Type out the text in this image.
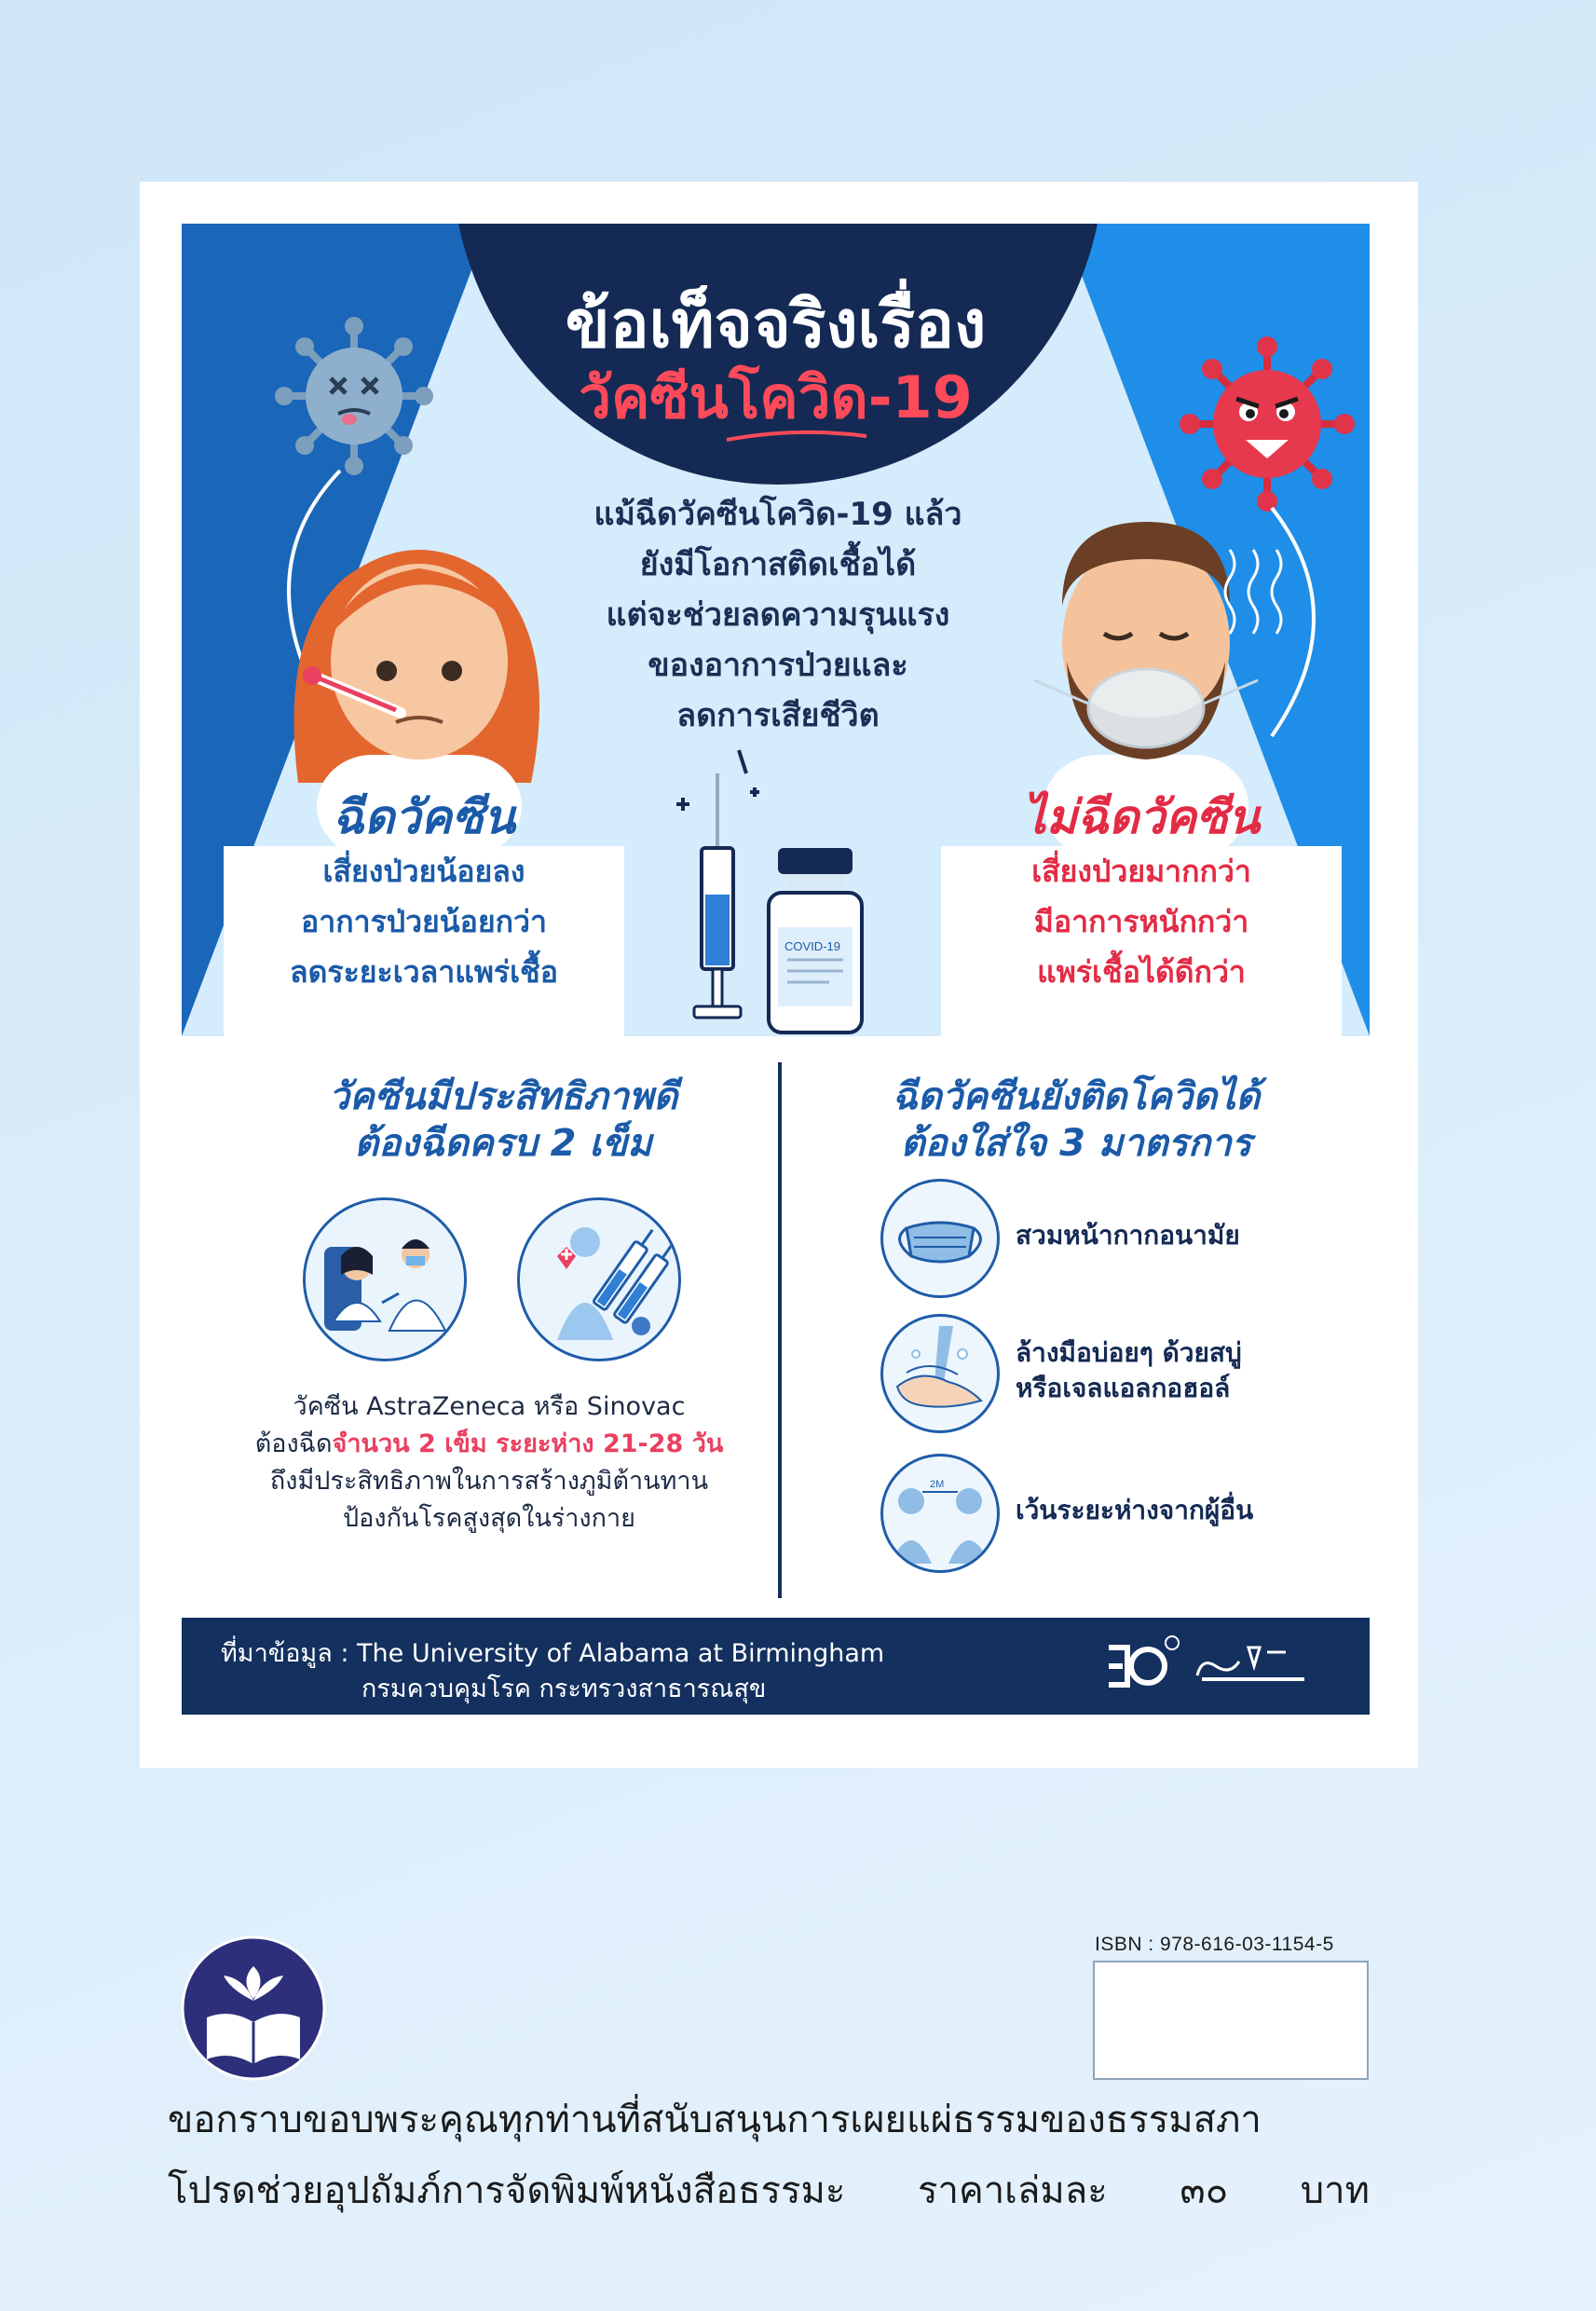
ข้อเท็จจริงเรื่อง
วัคซีนโควิด-19
แม้ฉีดวัคซีนโควิด-19 แล้ว
ยังมีโอกาสติดเชื้อได้
แต่จะช่วยลดความรุนแรง
ของอาการป่วยและ
ลดการเสียชีวิต
ฉีดวัคซีน
เสี่ยงป่วยน้อยลง
อาการป่วยน้อยกว่า
ลดระยะเวลาแพร่เชื้อ
ไม่ฉีดวัคซีน
เสี่ยงป่วยมากกว่า
มีอาการหนักกว่า
แพร่เชื้อได้ดีกว่า
COVID-19
วัคซีนมีประสิทธิภาพดี
ต้องฉีดครบ 2 เข็ม
วัคซีน AstraZeneca หรือ Sinovac
ต้องฉีดจำนวน 2 เข็ม ระยะห่าง 21-28 วัน
ถึงมีประสิทธิภาพในการสร้างภูมิต้านทาน
ป้องกันโรคสูงสุดในร่างกาย
ฉีดวัคซีนยังติดโควิดได้
ต้องใส่ใจ 3 มาตรการ
สวมหน้ากากอนามัย
ล้างมือบ่อยๆ ด้วยสบู่
หรือเจลแอลกอฮอล์
2M
เว้นระยะห่างจากผู้อื่น
ที่มาข้อมูล : The University of Alabama at Birmingham
กรมควบคุมโรค กระทรวงสาธารณสุข
ISBN : 978-616-03-1154-5
ขอกราบขอบพระคุณทุกท่านที่สนับสนุนการเผยแผ่ธรรมของธรรมสภา
โปรดช่วยอุปถัมภ์การจัดพิมพ์หนังสือธรรมะ ราคาเล่มละ ๓๐ บาท
